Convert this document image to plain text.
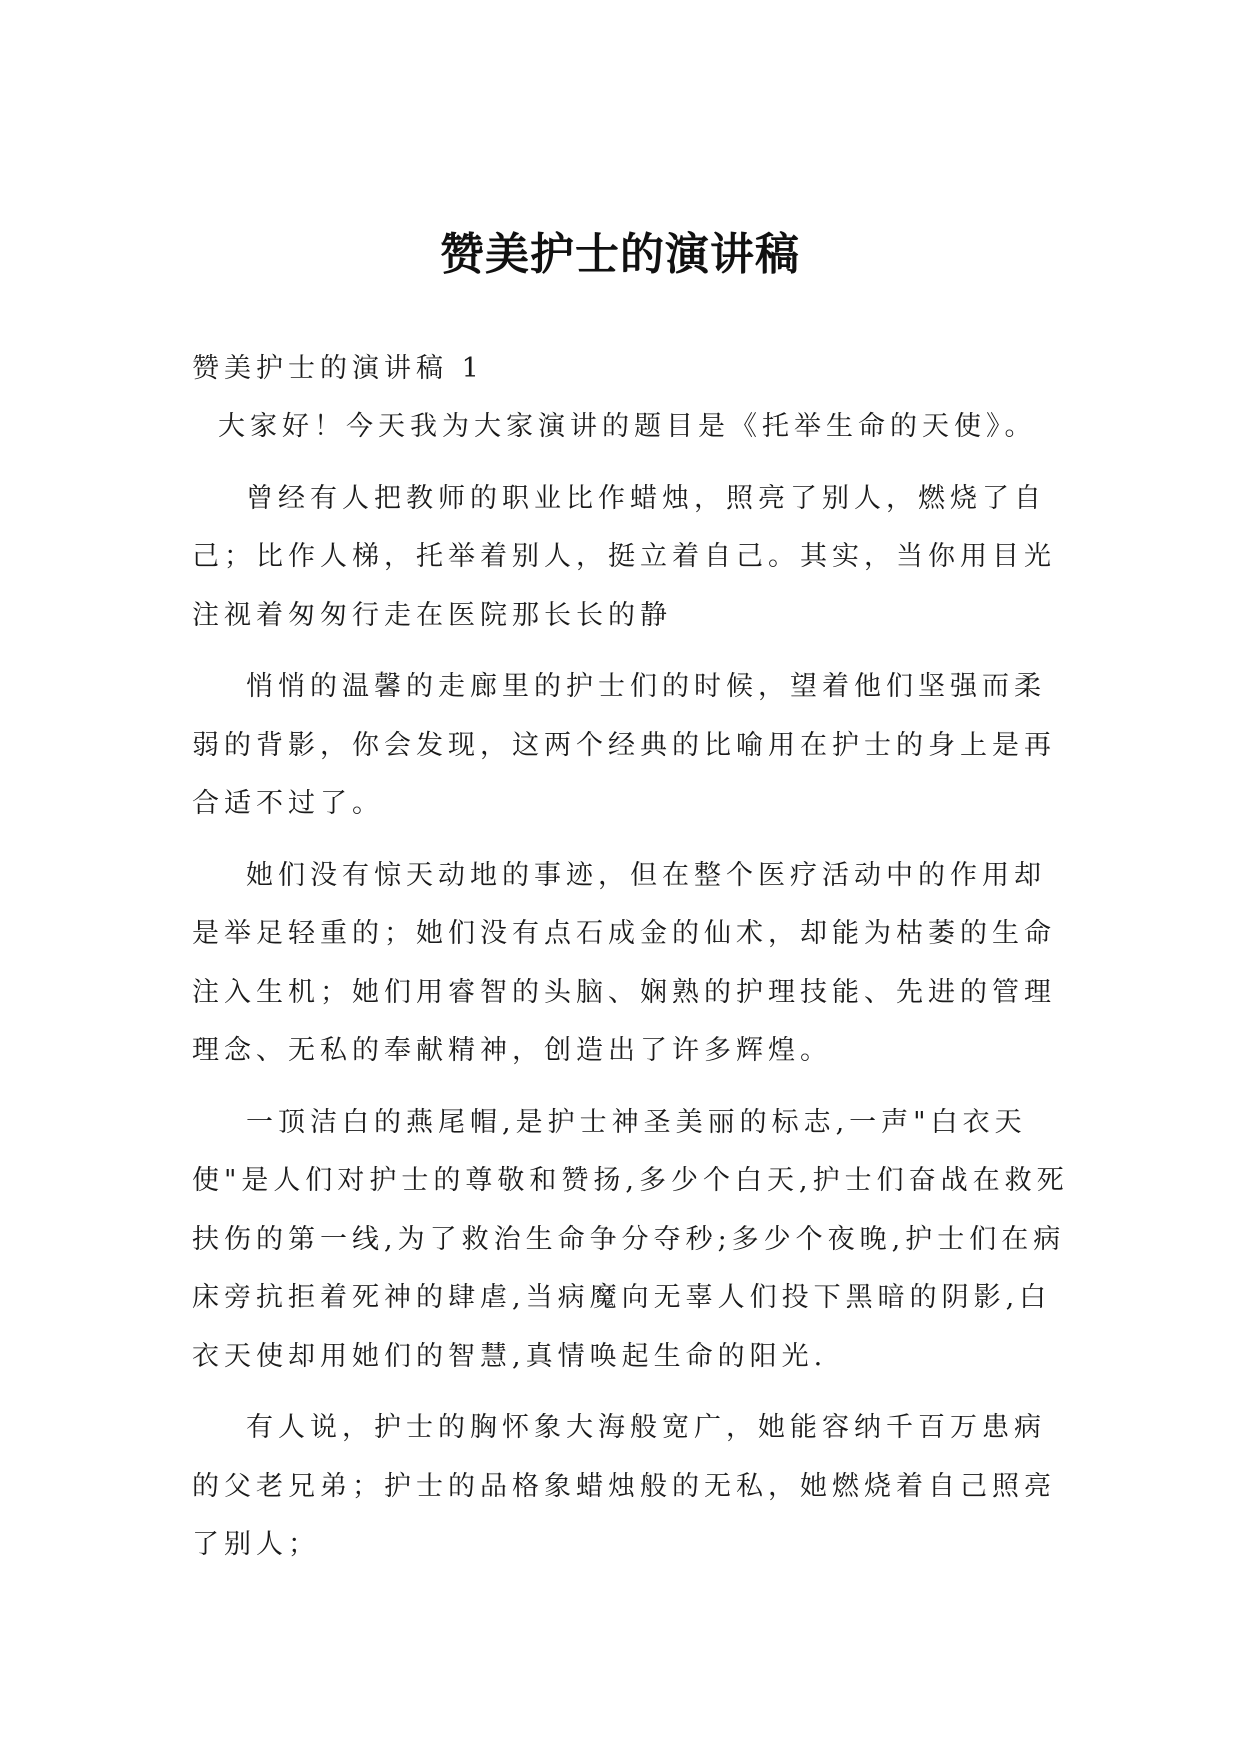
赞美护士的演讲稿

赞美护士的演讲稿 1

大家好！今天我为大家演讲的题目是《托举生命的天使》。

曾经有人把教师的职业比作蜡烛，照亮了别人，燃烧了自己；比作人梯，托举着别人，挺立着自己。其实，当你用目光注视着匆匆行走在医院那长长的静

悄悄的温馨的走廊里的护士们的时候，望着他们坚强而柔弱的背影，你会发现，这两个经典的比喻用在护士的身上是再合适不过了。

她们没有惊天动地的事迹，但在整个医疗活动中的作用却是举足轻重的；她们没有点石成金的仙术，却能为枯萎的生命注入生机；她们用睿智的头脑、娴熟的护理技能、先进的管理理念、无私的奉献精神，创造出了许多辉煌。

一顶洁白的燕尾帽,是护士神圣美丽的标志,一声"白衣天使"是人们对护士的尊敬和赞扬,多少个白天,护士们奋战在救死扶伤的第一线,为了救治生命争分夺秒;多少个夜晚,护士们在病床旁抗拒着死神的肆虐,当病魔向无辜人们投下黑暗的阴影,白衣天使却用她们的智慧,真情唤起生命的阳光.

有人说，护士的胸怀象大海般宽广，她能容纳千百万患病的父老兄弟；护士的品格象蜡烛般的无私，她燃烧着自己照亮了别人；
